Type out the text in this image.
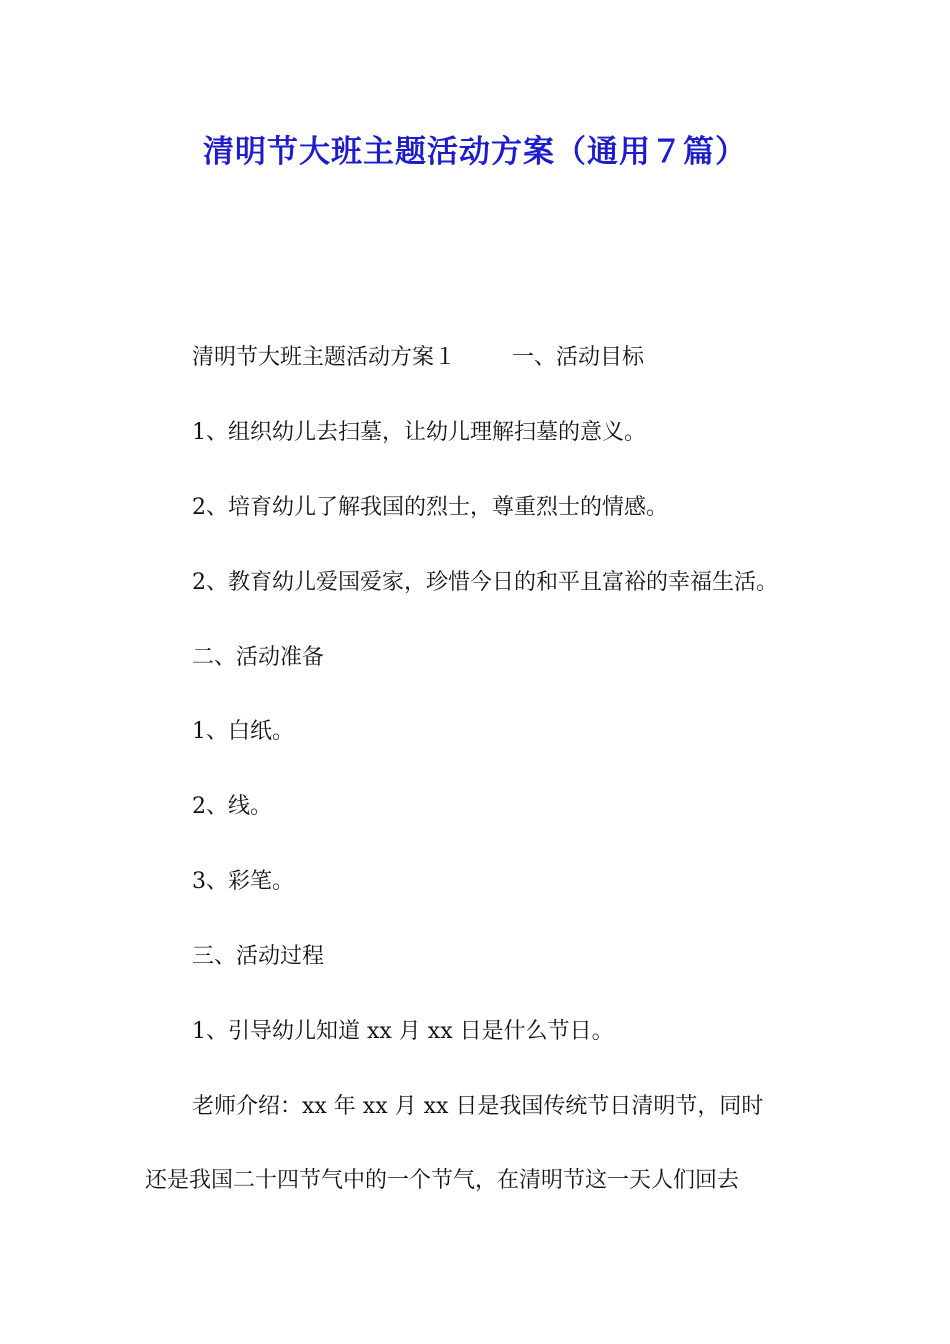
清明节大班主题活动方案（通用７篇）
清明节大班主题活动方案１	一、活动目标
1、组织幼儿去扫墓，让幼儿理解扫墓的意义。
2、培育幼儿了解我国的烈士，尊重烈士的情感。
2、教育幼儿爱国爱家，珍惜今日的和平且富裕的幸福生活。
二、活动准备
1、白纸。
2、线。
3、彩笔。
三、活动过程
1、引导幼儿知道 xx 月 xx 日是什么节日。
老师介绍：xx 年 xx 月 xx 日是我国传统节日清明节，同时
还是我国二十四节气中的一个节气，在清明节这一天人们回去
